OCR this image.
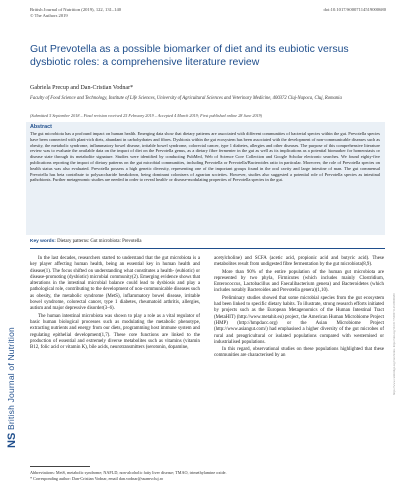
British Journal of Nutrition (2019), 122, 131–140
© The Authors 2019
doi:10.1017/S0007114519000680
Gut Prevotella as a possible biomarker of diet and its eubiotic versus dysbiotic roles: a comprehensive literature review
Gabriela Precup and Dan-Cristian Vodnar*
Faculty of Food Science and Technology, Institute of Life Sciences, University of Agricultural Sciences and Veterinary Medicine, 400372 Cluj-Napoca, Cluj, Romania
(Submitted 5 September 2018 – Final revision received 25 February 2019 – Accepted 4 March 2019; First published online 28 June 2019)
Abstract

The gut microbiota has a profound impact on human health. Emerging data show that dietary patterns are associated with different communities of bacterial species within the gut. Prevotella species have been connected with plant-rich diets, abundant in carbohydrates and fibres. Dysbiosis within the gut ecosystem has been associated with the development of non-communicable diseases such as obesity, the metabolic syndrome, inflammatory bowel disease, irritable bowel syndrome, colorectal cancer, type 1 diabetes, allergies and other diseases. The purpose of this comprehensive literature review was to evaluate the available data on the impact of diet on the Prevotella genus, as a dietary fibre fermenter in the gut as well as its implications as a potential biomarker for homeostasis or disease state through its metabolite signature. Studies were identified by conducting PubMed, Web of Science Core Collection and Google Scholar electronic searches. We found eighty-five publications reporting the impact of dietary patterns on the gut microbial communities, including Prevotella or Prevotella/Bacteroides ratio in particular. Moreover, the role of Prevotella species on health status was also evaluated. Prevotella possess a high genetic diversity, representing one of the important groups found in the oral cavity and large intestine of man. The gut commensal Prevotella has beta contribute to polysaccharide breakdown, being dominant colonisers of agrarian societies. However, studies also suggested a potential role of Prevotella species as intestinal pathobionts. Further metagenomic studies are needed in order to reveal health- or disease-modulating properties of Prevotella species in the gut.

Key words: Dietary patterns: Gut microbiota: Prevotella

In the last decades, researchers started to understand that the gut microbiota is a key player affecting human health, being an essential key in human health and disease(1). The focus shifted on understanding what constitutes a health- (eubiotic) or disease-promoting (dysbiotic) microbial community(2). Emerging evidence shows that alterations in the intestinal microbial balance could lead to dysbiosis and play a pathological role, contributing to the development of non-communicable diseases such as obesity, the metabolic syndrome (MetS), inflammatory bowel disease, irritable bowel syndrome, colorectal cancer, type 1 diabetes, rheumatoid arthritis, allergies, autism and major depressive disorder(3–6).

The human intestinal microbiota was shown to play a role as a vital regulator of basic human biological processes such as modulating the metabolic phenotype, extracting nutrients and energy from our diets, programming host immune system and regulating epithelial development(1,7). These core functions are linked to the production of essential and extremely diverse metabolites such as vitamins (vitamin B12, folic acid or vitamin K), bile acids, neurotransmitters (serotonin, dopamine,

acetylcholine) and SCFA (acetic acid, propionic acid and butyric acid). These metabolites result from undigested fibre fermentation by the gut microbiota(8,9).

More than 90% of the entire population of the human gut microbiota are represented by two phyla, Firmicutes (which includes mainly Clostridium, Enterococcus, Lactobacillus and Faecalibacterium genera) and Bacteroidetes (which includes notably Bacteroides and Prevotella genera)(1,10).

Preliminary studies showed that some microbial species from the gut ecosystem had been linked to specific dietary habits. To illustrate, strong research efforts initiated by projects such as the European Metagenomics of the Human Intestinal Tract (MetaHIT) (http://www.metahit.eu) project, the American Human Microbiome Project (HMP) (http://hmpdacc.org) or the Asian Microbiome Project (http://www.asiangut.com/) had emphasised a higher diversity of the gut microbes of rural and preagricultural or isolated populations compared with westernised or industrialised populations.

In this regard, observational studies on these populations highlighted that these communities are characterised by an

Abbreviations: MetS, metabolic syndrome; NAFLD, non-alcoholic fatty liver disease; TMAO, trimethylamine oxide.
* Corresponding author: Dan-Cristian Vodnar, email dan.vodnar@usamvcluj.ro
British Journal of Nutrition
NS
https://www.cambridge.org/core/terms. https://doi.org/10.1017/S0007114519000680
